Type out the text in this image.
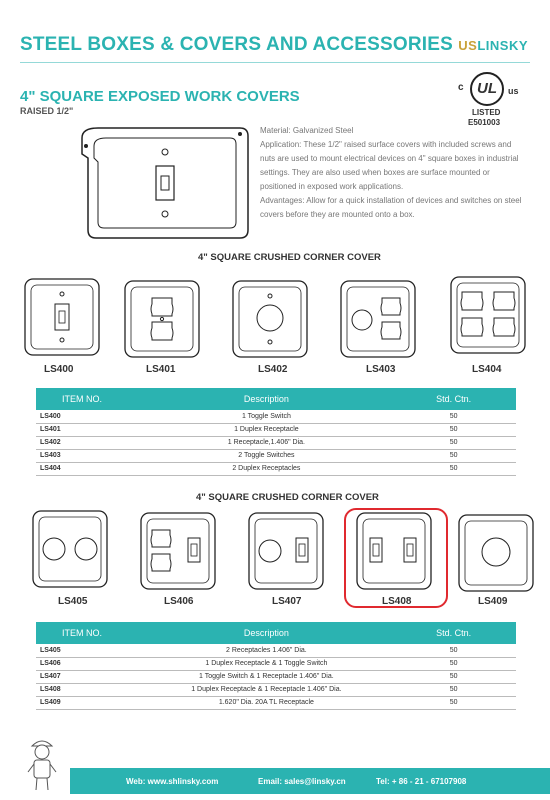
STEEL BOXES & COVERS AND ACCESSORIES USLINSKY
c UL	us
LISTED
E501003
4" SQUARE EXPOSED WORK COVERS
RAISED 1/2"
Material: Galvanized Steel
Application: These 1/2" raised surface covers with included screws and nuts are used to mount electrical devices on 4" square boxes in industrial settings. They are also used when boxes are surface mounted or positioned in exposed work applications.
Advantages: Allow for a quick installation of devices and switches on steel covers before they are mounted onto a box.
4" SQUARE CRUSHED CORNER COVER
LS400	LS401	LS402	LS403	LS404
ITEM NO.	Description	Std. Ctn.
LS400	1 Toggle Switch	50
LS401	1 Duplex Receptacle	50
LS402	1 Receptacle,1.406" Dia.	50
LS403	2 Toggle Switches	50
LS404	2 Duplex Receptacles	50
4" SQUARE CRUSHED CORNER COVER
LS405	LS406	LS407	LS408	LS409
ITEM NO.	Description	Std. Ctn.
LS405	2 Receptacles 1.406" Dia.	50
LS406	1 Duplex Receptacle & 1 Toggle Switch	50
LS407	1 Toggle Switch & 1 Receptacle 1.406" Dia.	50
LS408	1 Duplex Receptacle & 1 Receptacle 1.406" Dia.	50
LS409	1.620" Dia. 20A TL Receptacle	50
Web: www.shlinsky.com	Email: sales@linsky.cn	Tel: + 86 - 21 - 67107908
